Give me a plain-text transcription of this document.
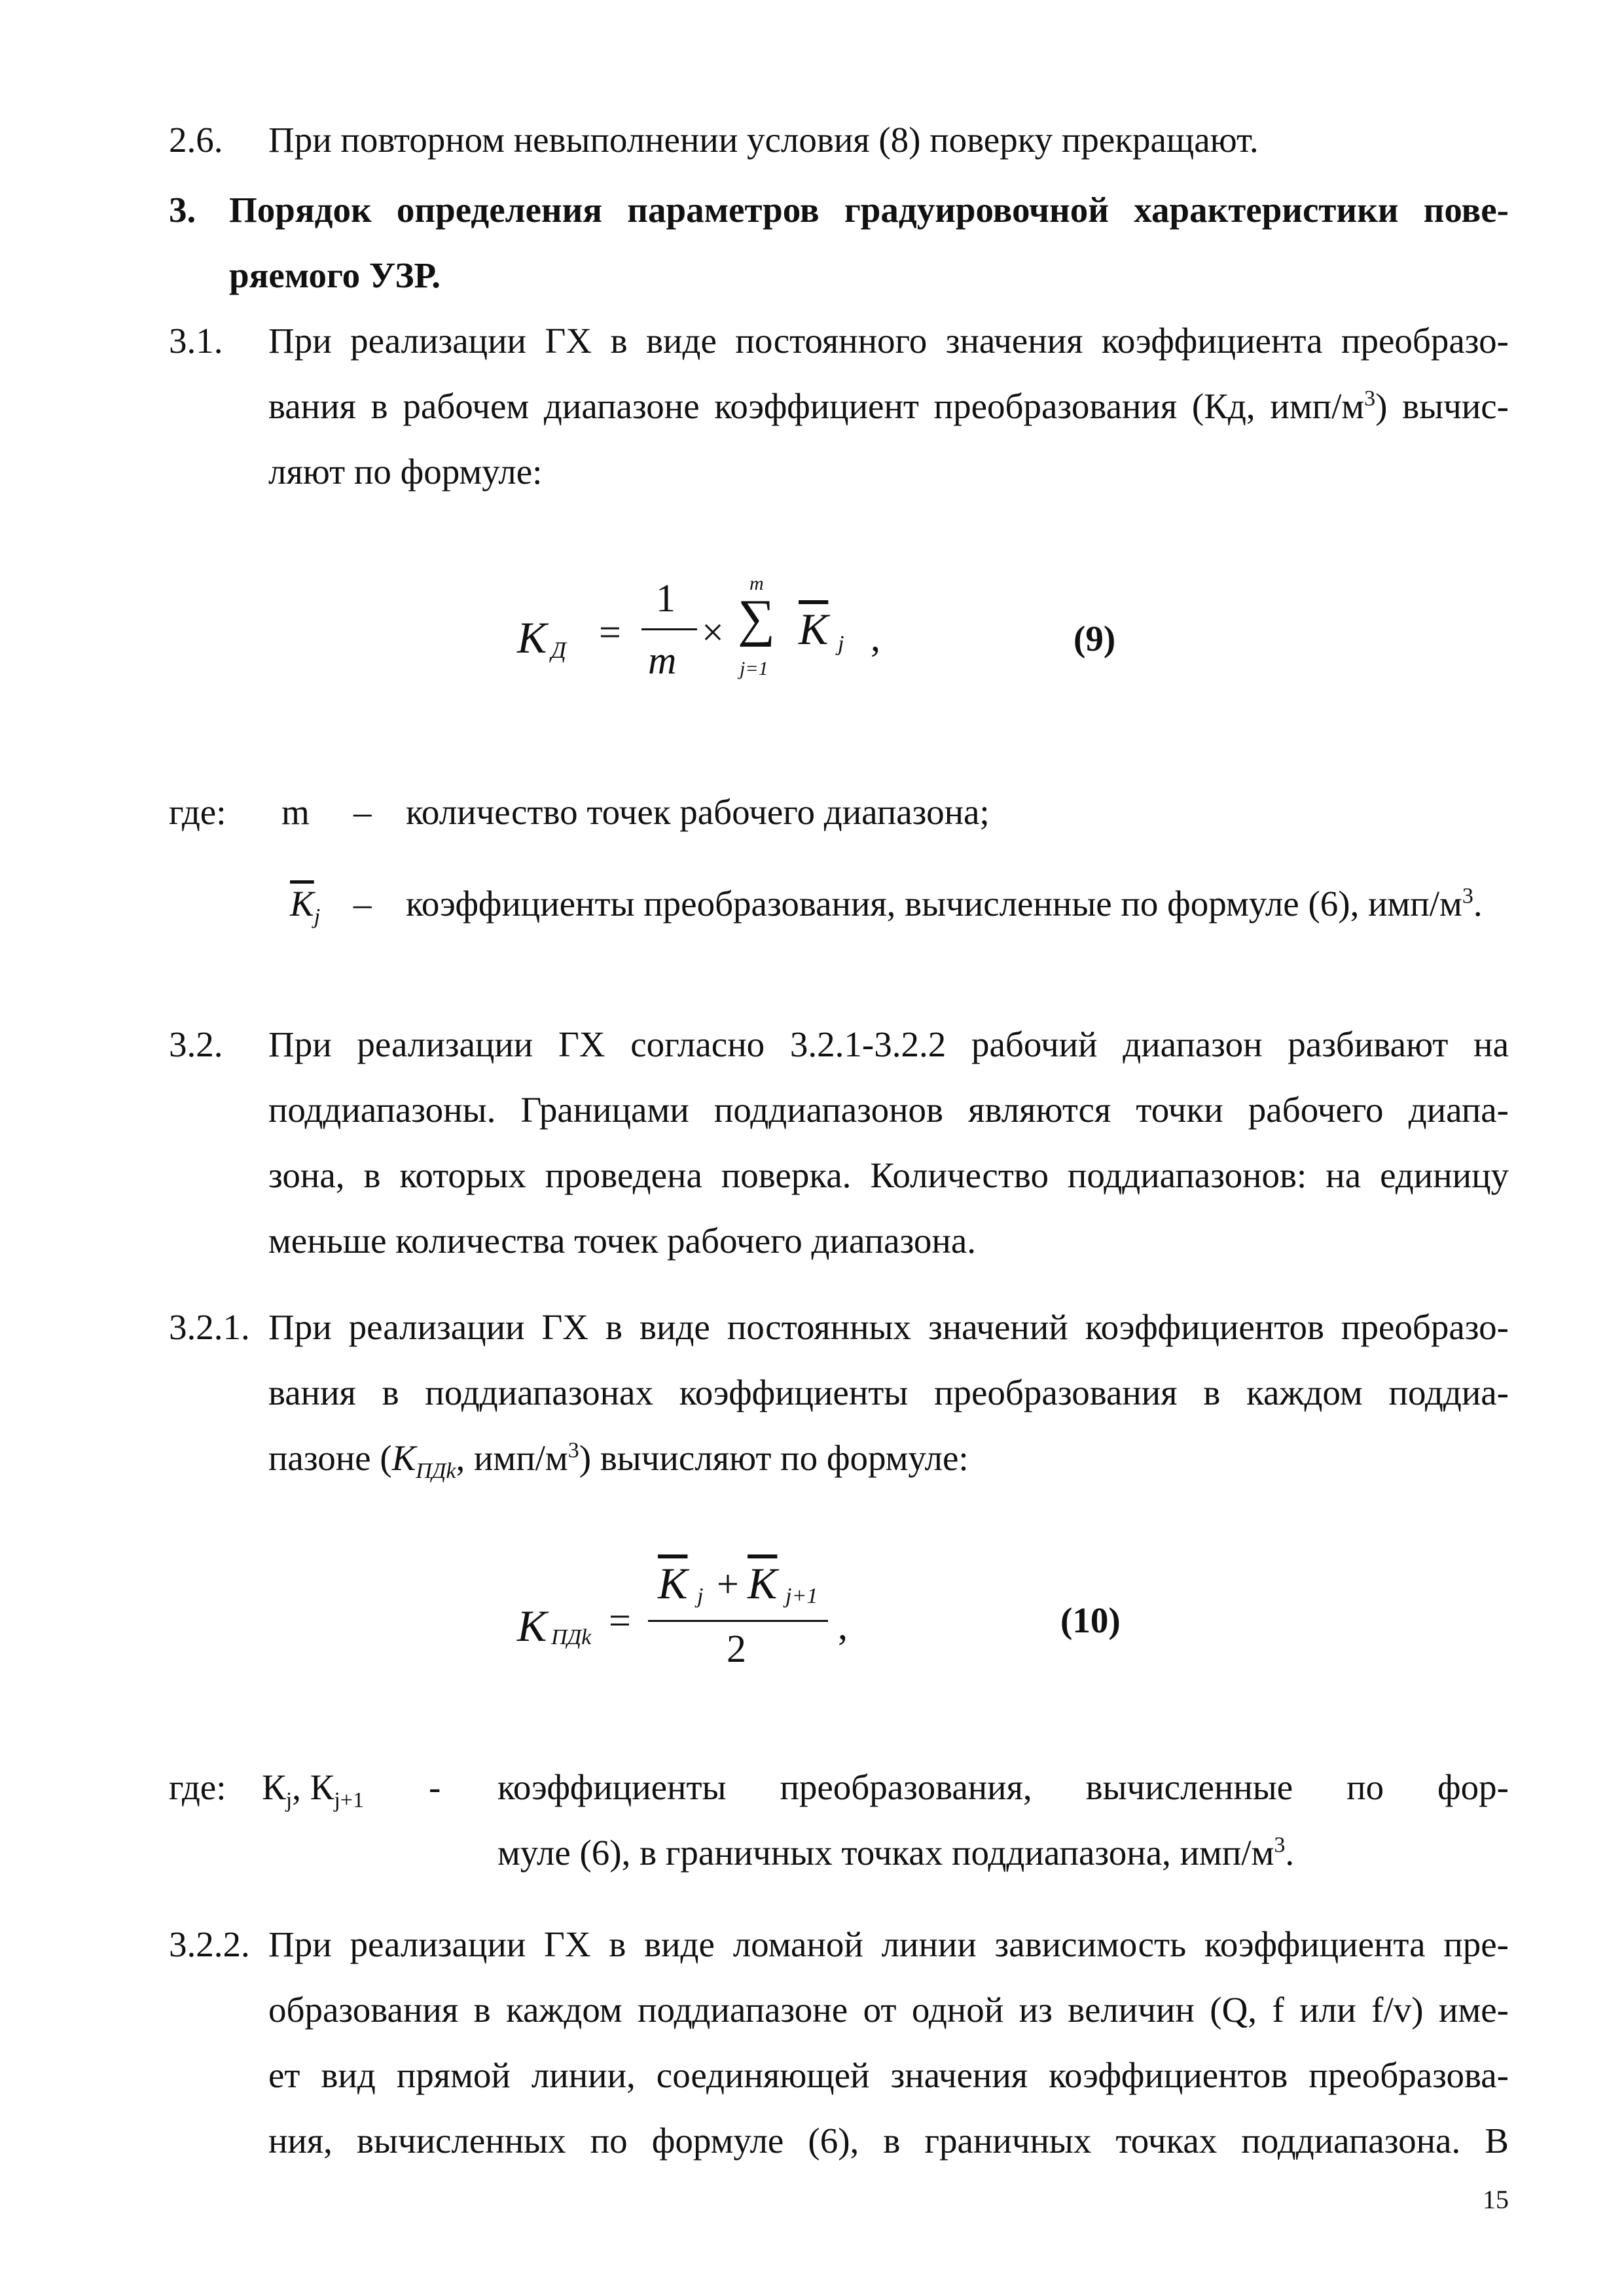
2.6. При повторном невыполнении условия (8) поверку прекращают.
3. Порядок определения параметров градуировочной характеристики пове-
ряемого УЗР.
3.1. При реализации ГХ в виде постоянного значения коэффициента преобразо-
вания в рабочем диапазоне коэффициент преобразования (Кд, имп/$м^3$) вычис-
ляют по формуле:
K Д =
1
m
×
m
∑
j=1
$\overline{K}$ j ,	(9)
где: m – количество точек рабочего диапазона;
$\overline{K}_j$ – коэффициенты преобразования, вычисленные по формуле (6), имп/$м^3$.
3.2. При реализации ГХ согласно 3.2.1-3.2.2 рабочий диапазон разбивают на
поддиапазоны. Границами поддиапазонов являются точки рабочего диапа-
зона, в которых проведена поверка. Количество поддиапазонов: на единицу
меньше количества точек рабочего диапазона.
3.2.1. При реализации ГХ в виде постоянных значений коэффициентов преобразо-
вания в поддиапазонах коэффициенты преобразования в каждом поддиа-
пазоне ($К_{ПДk}$, имп/$м^3$) вычисляют по формуле:
K ПДk =
$\overline{K}$ $j + \overline{K}$ j+1
2
,	(10)
где: $К_j$, $К_{j+1}$ - коэффициенты преобразования, вычисленные по фор-
муле (6), в граничных точках поддиапазона, имп/$м^3$.
3.2.2. При реализации ГХ в виде ломаной линии зависимость коэффициента пре-
образования в каждом поддиапазоне от одной из величин (Q, f или f/v) име-
ет вид прямой линии, соединяющей значения коэффициентов преобразова-
ния, вычисленных по формуле (6), в граничных точках поддиапазона. В
15
